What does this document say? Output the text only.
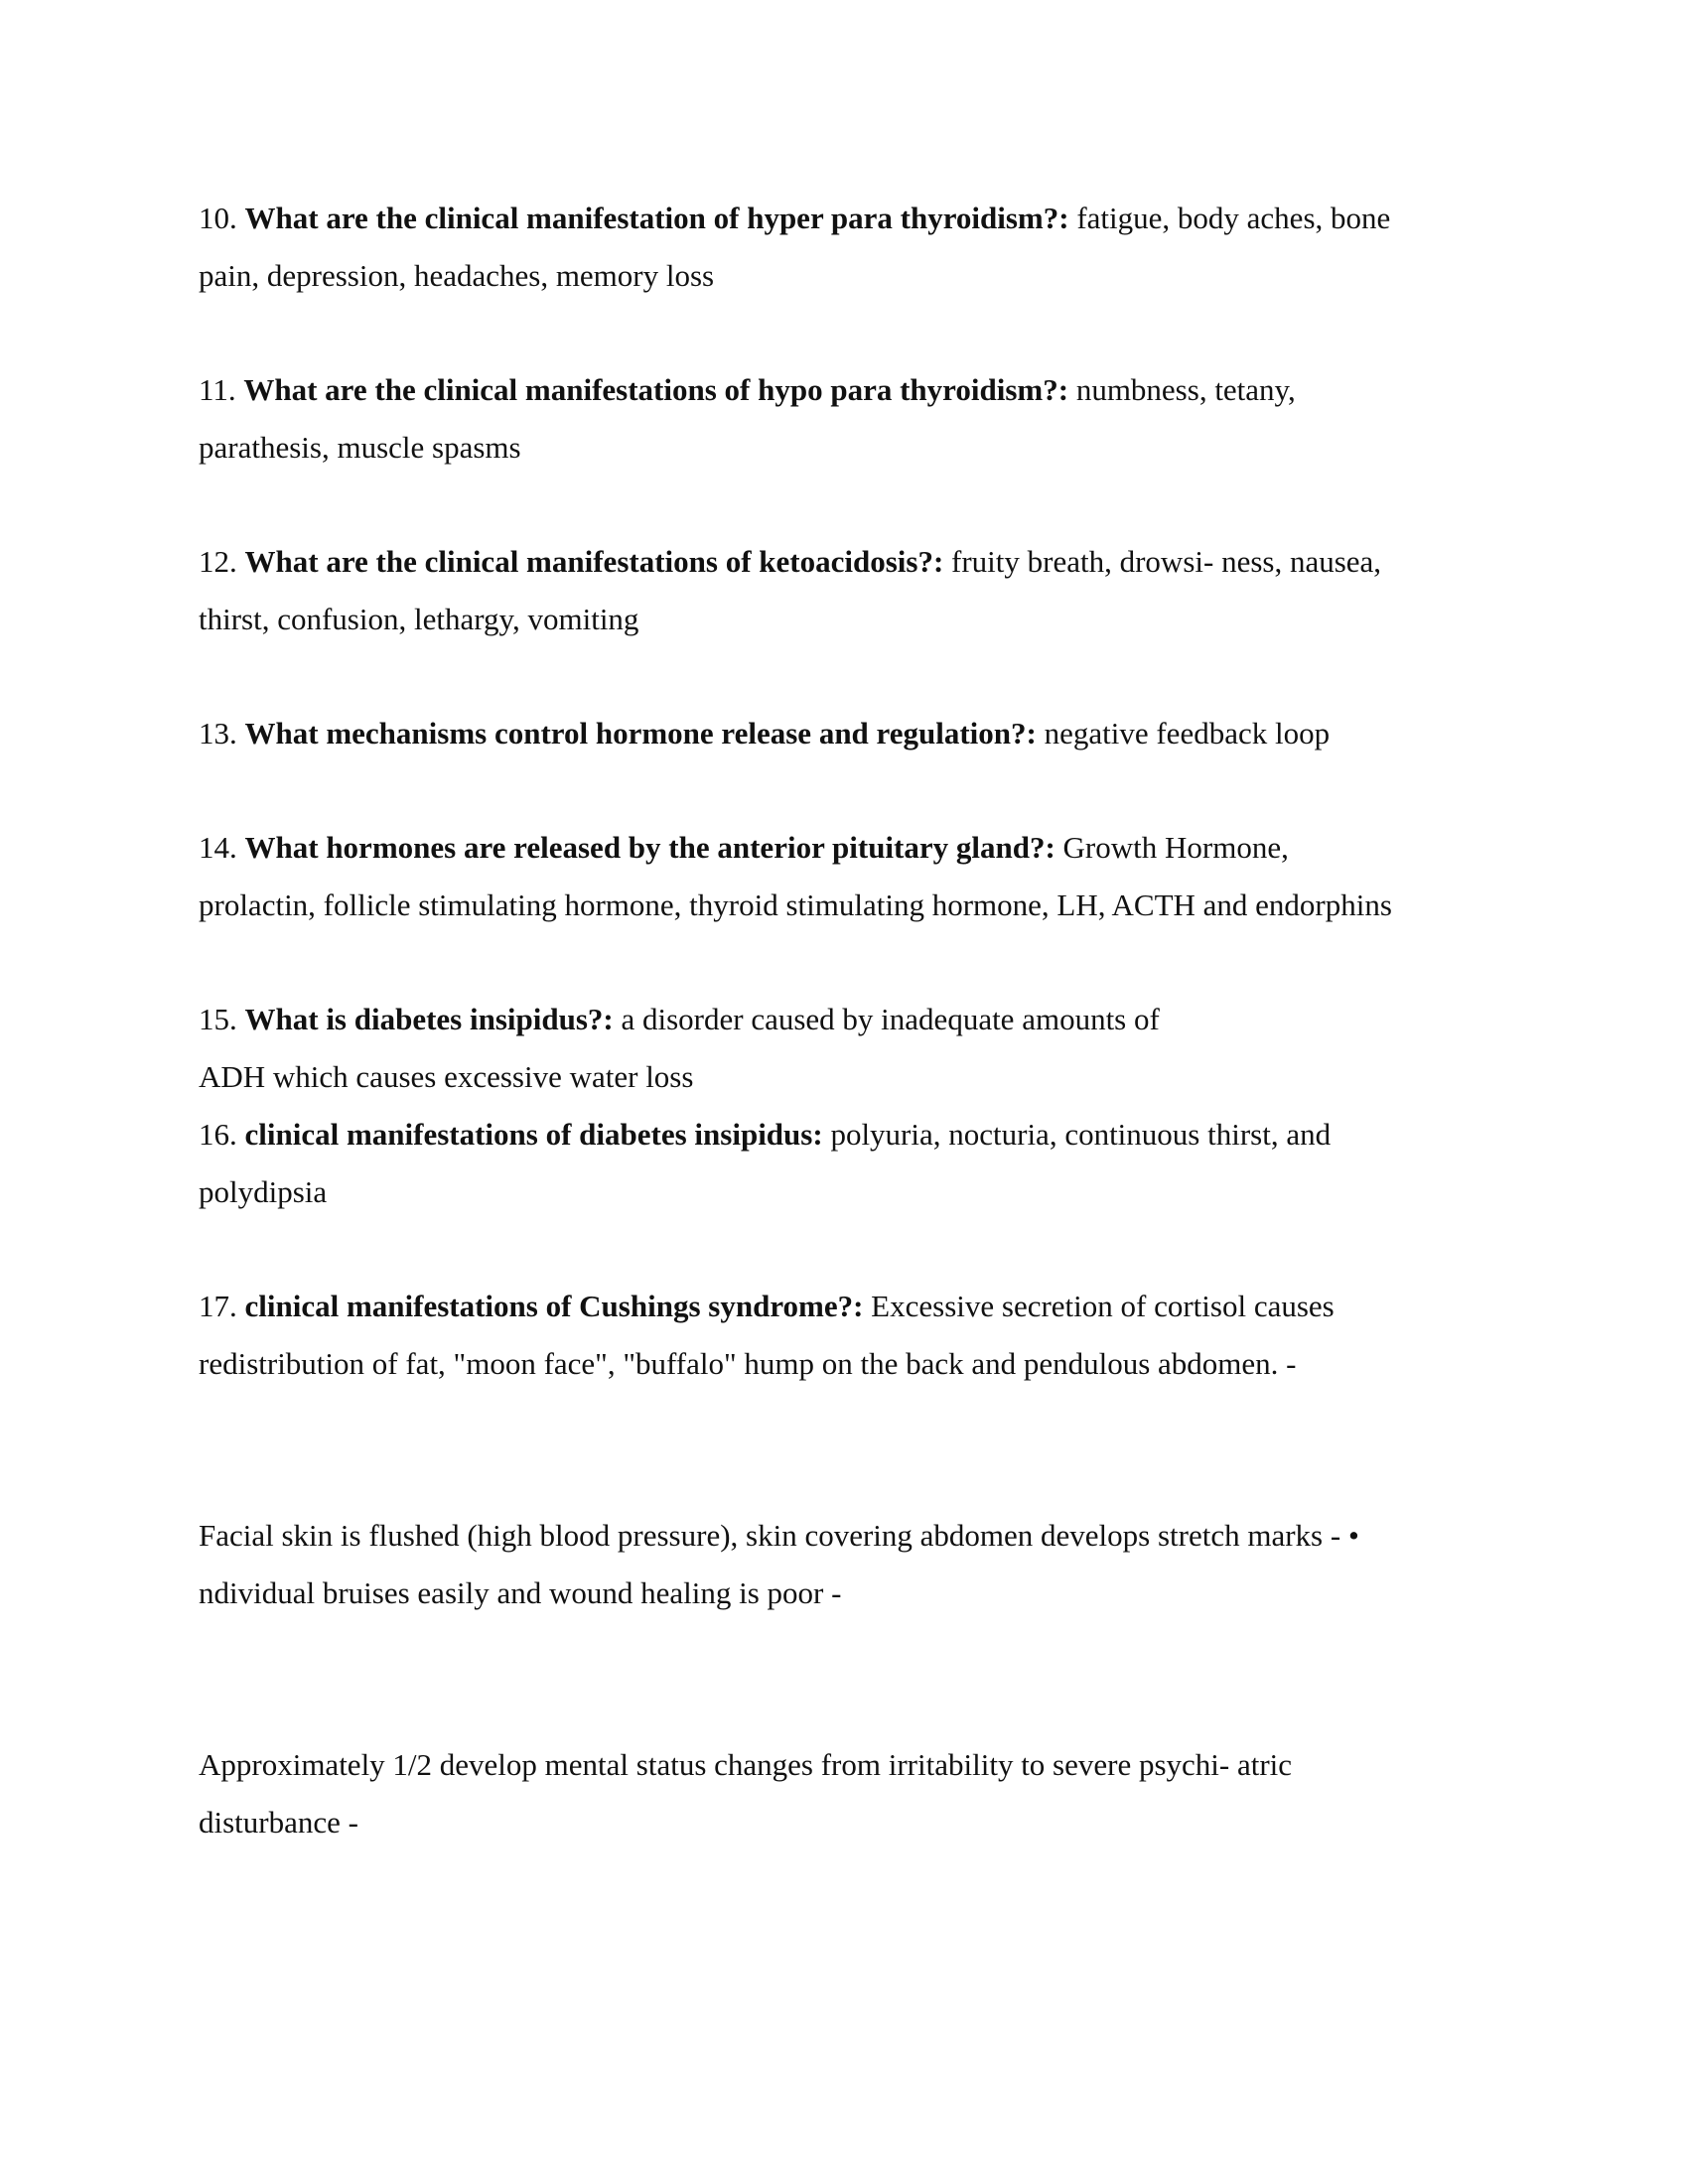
10. What are the clinical manifestation of hyper para thyroidism?: fatigue, body aches, bone
pain, depression, headaches, memory loss

11. What are the clinical manifestations of hypo para thyroidism?: numbness, tetany,
parathesis, muscle spasms

12. What are the clinical manifestations of ketoacidosis?: fruity breath, drowsi- ness, nausea,
thirst, confusion, lethargy, vomiting

13. What mechanisms control hormone release and regulation?: negative feedback loop

14. What hormones are released by the anterior pituitary gland?: Growth Hormone,
prolactin, follicle stimulating hormone, thyroid stimulating hormone, LH, ACTH and endorphins

15. What is diabetes insipidus?: a disorder caused by inadequate amounts of
ADH which causes excessive water loss

16. clinical manifestations of diabetes insipidus: polyuria, nocturia, continuous thirst, and
polydipsia

17. clinical manifestations of Cushings syndrome?: Excessive secretion of cortisol causes
redistribution of fat, "moon face", "buffalo" hump on the back and pendulous abdomen. -

Facial skin is flushed (high blood pressure), skin covering abdomen develops stretch marks - •
ndividual bruises easily and wound healing is poor -

Approximately 1/2 develop mental status changes from irritability to severe psychi- atric
disturbance -
